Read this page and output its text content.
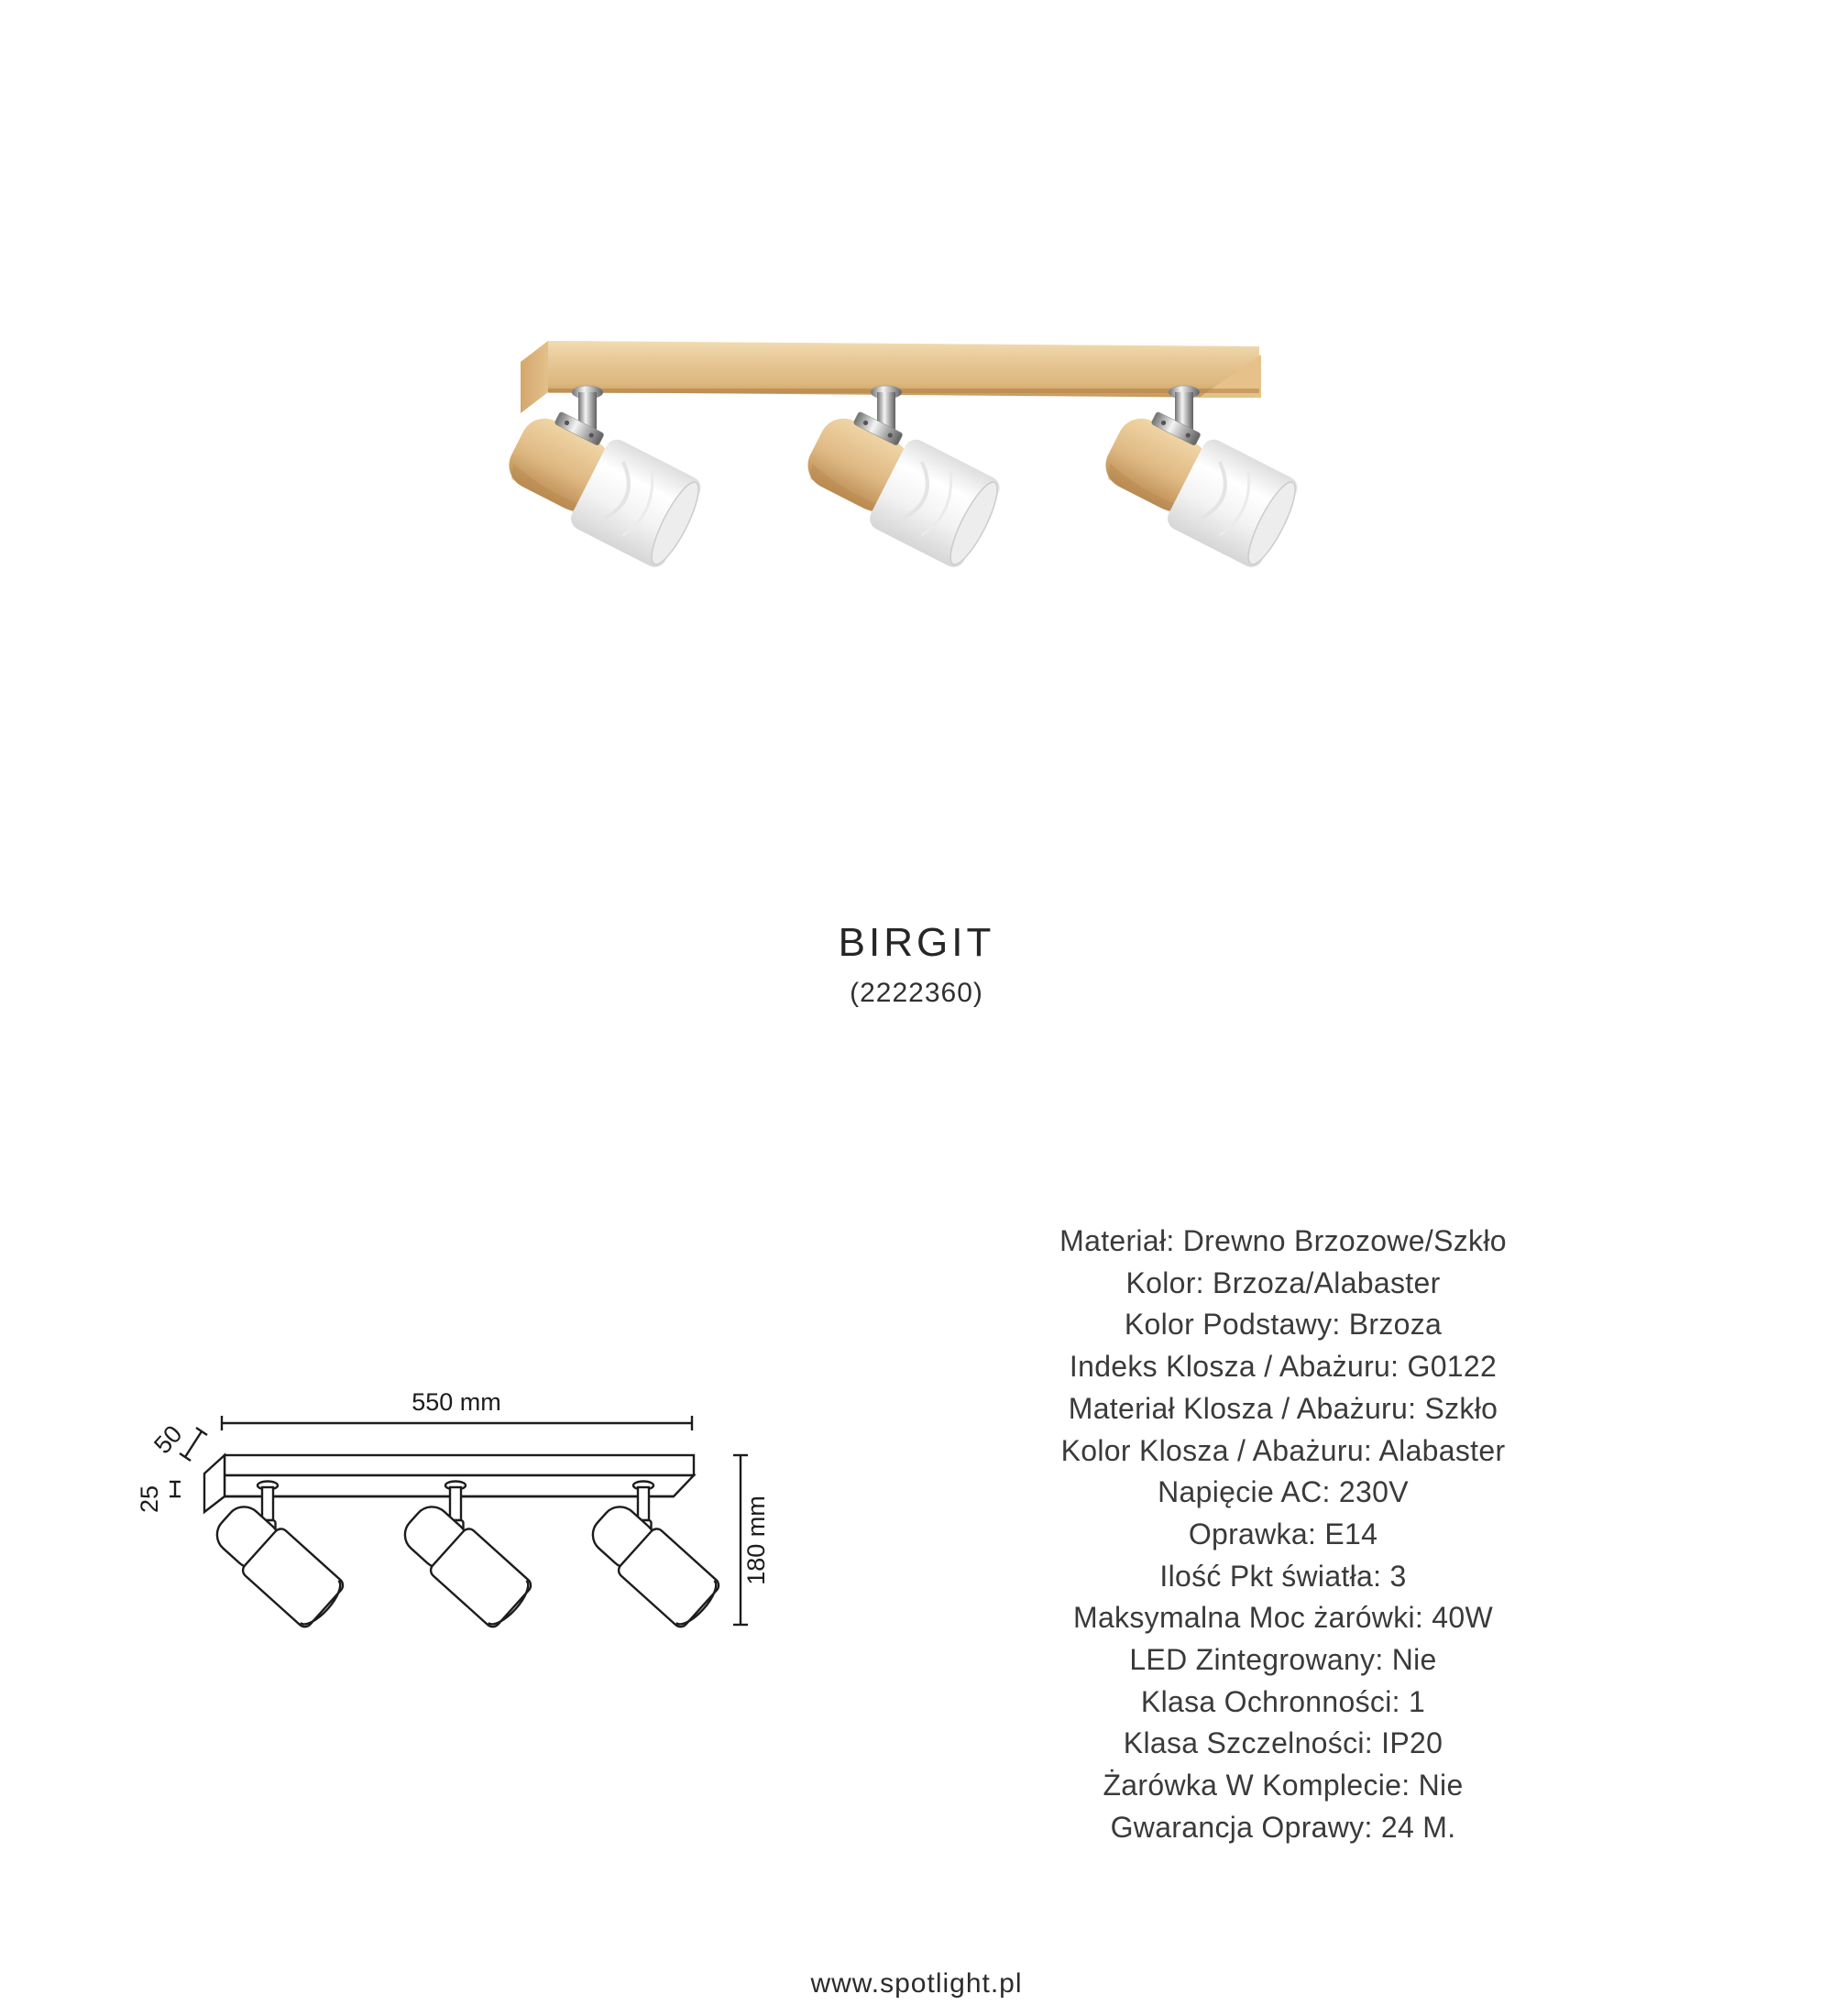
BIRGIT
(2222360)
550 mm
50
25	180 mm
Materiał: Drewno Brzozowe/Szkło
Kolor: Brzoza/Alabaster
Kolor Podstawy: Brzoza
Indeks Klosza / Abażuru: G0122
Materiał Klosza / Abażuru: Szkło
Kolor Klosza / Abażuru: Alabaster
Napięcie AC: 230V
Oprawka: E14
Ilość Pkt światła: 3
Maksymalna Moc żarówki: 40W
LED Zintegrowany: Nie
Klasa Ochronności: 1
Klasa Szczelności: IP20
Żarówka W Komplecie: Nie
Gwarancja Oprawy: 24 M.
www.spotlight.pl
